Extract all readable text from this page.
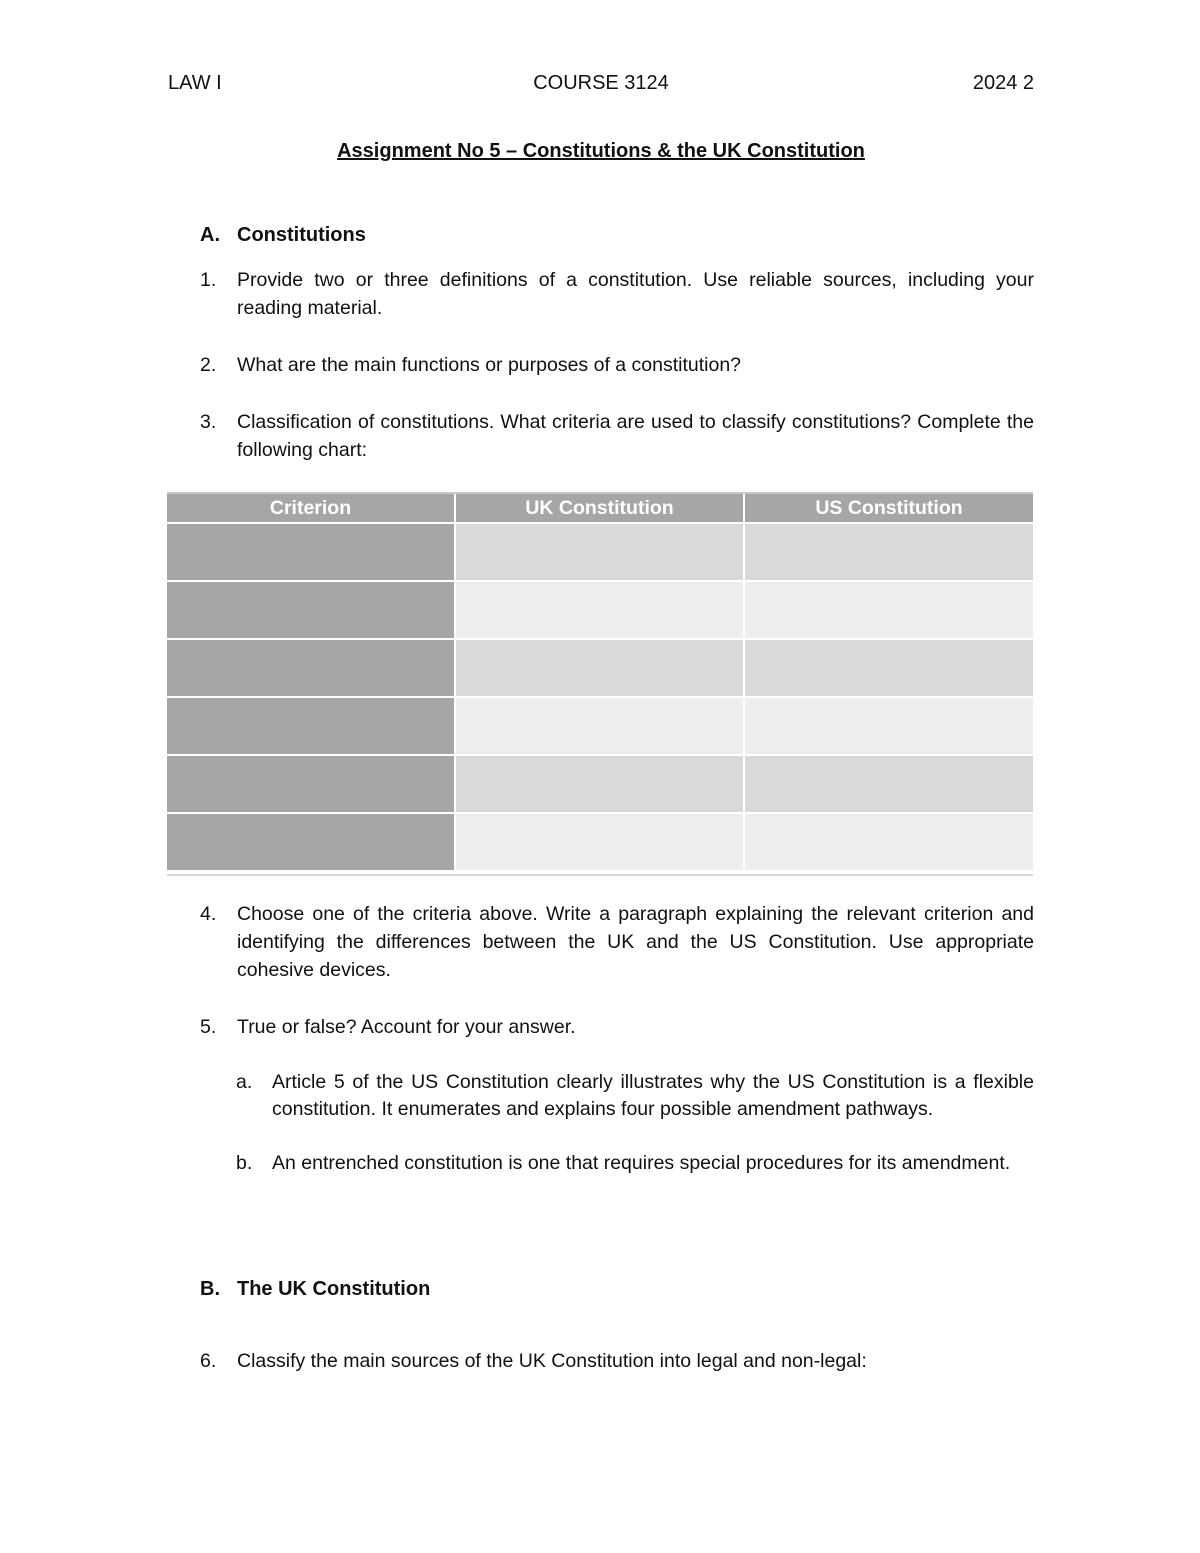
LAW I	COURSE 3124	2024 2
Assignment No 5 – Constitutions & the UK Constitution
A. Constitutions
1.	Provide two or three definitions of a constitution. Use reliable sources, including your reading material.
2.	What are the main functions or purposes of a constitution?
3.	Classification of constitutions. What criteria are used to classify constitutions? Complete the following chart:
Criterion	UK Constitution	US Constitution

4.	Choose one of the criteria above. Write a paragraph explaining the relevant criterion and identifying the differences between the UK and the US Constitution. Use appropriate cohesive devices.
5.	True or false? Account for your answer.
a. Article 5 of the US Constitution clearly illustrates why the US Constitution is a flexible constitution. It enumerates and explains four possible amendment pathways.
b. An entrenched constitution is one that requires special procedures for its amendment.
B. The UK Constitution
6.	Classify the main sources of the UK Constitution into legal and non-legal:
